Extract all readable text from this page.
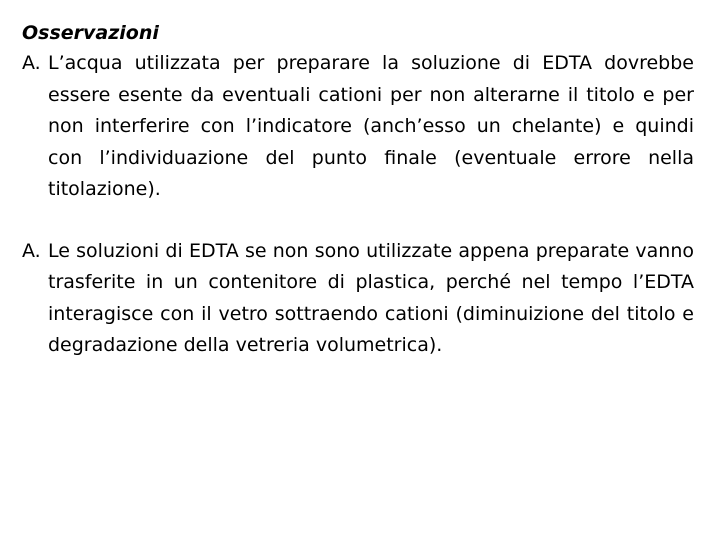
Osservazioni

A. L’acqua utilizzata per preparare la soluzione di EDTA dovrebbe essere esente da eventuali cationi per non alterarne il titolo e per non interferire con l’indicatore (anch’esso un chelante) e quindi con l’individuazione del punto finale (eventuale errore nella titolazione).
A. Le soluzioni di EDTA se non sono utilizzate appena preparate vanno trasferite in un contenitore di plastica, perché nel tempo l’EDTA interagisce con il vetro sottraendo cationi (diminuizione del titolo e degradazione della vetreria volumetrica).
